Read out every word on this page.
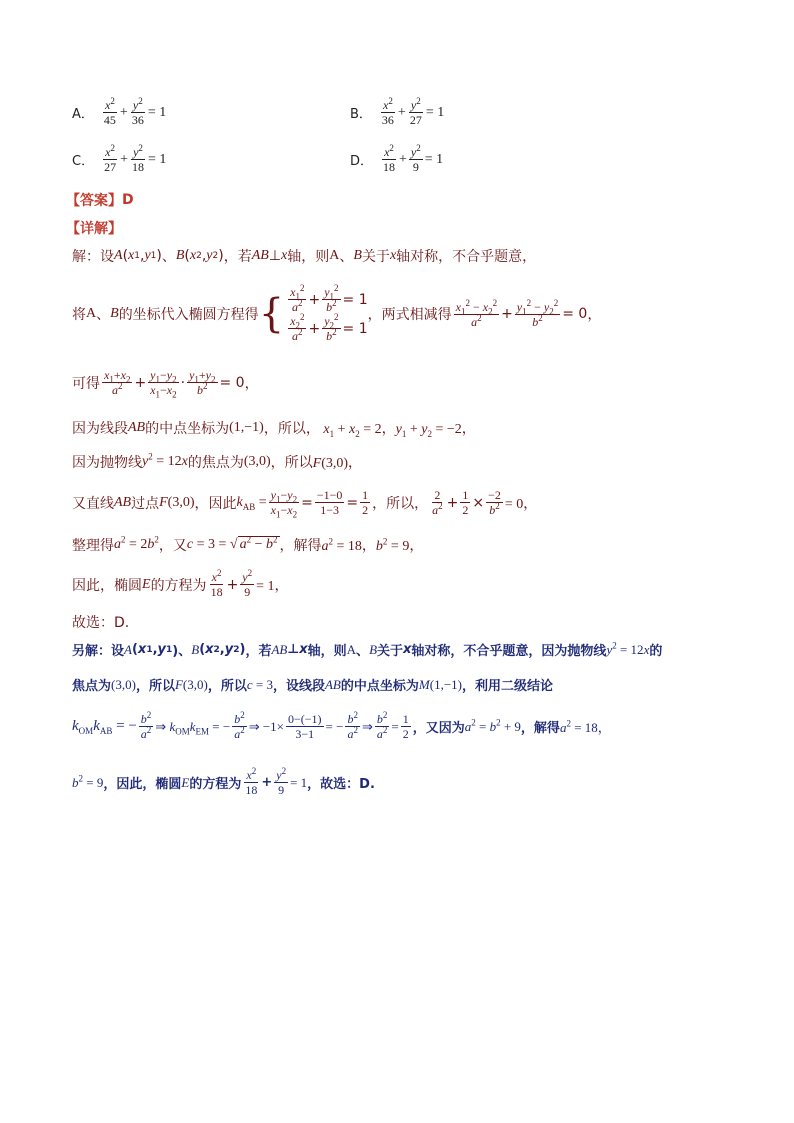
A． $\frac{x^2}{45} + \frac{y^2}{36} = 1$	B． $\frac{x^2}{36} + \frac{y^2}{27} = 1$
C． $\frac{x^2}{27} + \frac{y^2}{18} = 1$	D． $\frac{x^2}{18} + \frac{y^2}{9} = 1$
【答案】 D
【详解】
解：设 A ( x 1 , y 1 ) 、 B ( x 2 , y 2 ) ，若 AB ⊥ x 轴，则 A 、 B 关于 x 轴对称，不合乎题意，
将 A 、 B 的坐标代入椭圆方程得 { $\frac{x_1^2}{a^2} + \frac{y_1^2}{b^2} = 1$
$\frac{x_2^2}{a^2} + \frac{y_2^2}{b^2} = 1$
，两式相减得 $\frac{x_1^2 - x_2^2}{a^2} + \frac{y_1^2 - y_2^2}{b^2} = 0$ ，
可得 $\frac{x_1+x_2}{a^2} + \frac{y_1-y_2}{x_1-x_2} \cdot \frac{y_1+y_2}{b^2} = 0$ ，
因为线段 AB 的中点坐标为 (1,−1) ，所以， $x_1 + x_2 = 2$，$y_1 + y_2 = -2$，
因为抛物线 $y^2 = 12x$ 的焦点为 (3,0) ，所以 F(3,0)，
又直线 AB 过点 F(3,0) ，因此 $k_{AB} = \frac{y_1-y_2}{x_1-x_2} = \frac{-1-0}{1-3} = \frac{1}{2}$ ，所以， $\frac{2}{a^2} + \frac{1}{2} \times \frac{-2}{b^2} = 0$，
整理得 $a^2 = 2b^2$ ，又 c = 3 = √ $a^2 - b^2$ ，解得 $a^2 = 18$，$b^2 = 9$，
因此，椭圆 E 的方程为 $\frac{x^2}{18} + \frac{y^2}{9} = 1$，
故选：D.
另解：设 A ( x 1 , y 1 )、 B ( x 2 , y 2 ) ，若 AB ⊥ x 轴，则 A 、 B 关于 x 轴对称，不合乎题意，因为抛物线 $y^2 = 12x$ 的
焦点为 (3,0) ，所以 F(3,0) ，所以 c = 3 ，设线段 AB 的中点坐标为 M(1,−1) ，利用二级结论
$k_{OM}k_{AB}$ = − $\frac{b^2}{a^2}$ ⇒ $k_{OM}k_{EM}$ = − $\frac{b^2}{a^2}$ ⇒ $-1\times \frac{0-(-1)}{3-1}$ = − $\frac{b^2}{a^2}$ ⇒ $\frac{b^2}{a^2} = \frac{1}{2}$ ，又因为 $a^2 = b^2 + 9$ ，解得 $a^2 = 18$，
$b^2 = 9$ ，因此，椭圆 E 的方程为 $\frac{x^2}{18} + \frac{y^2}{9} = 1$ ，故选：D.
